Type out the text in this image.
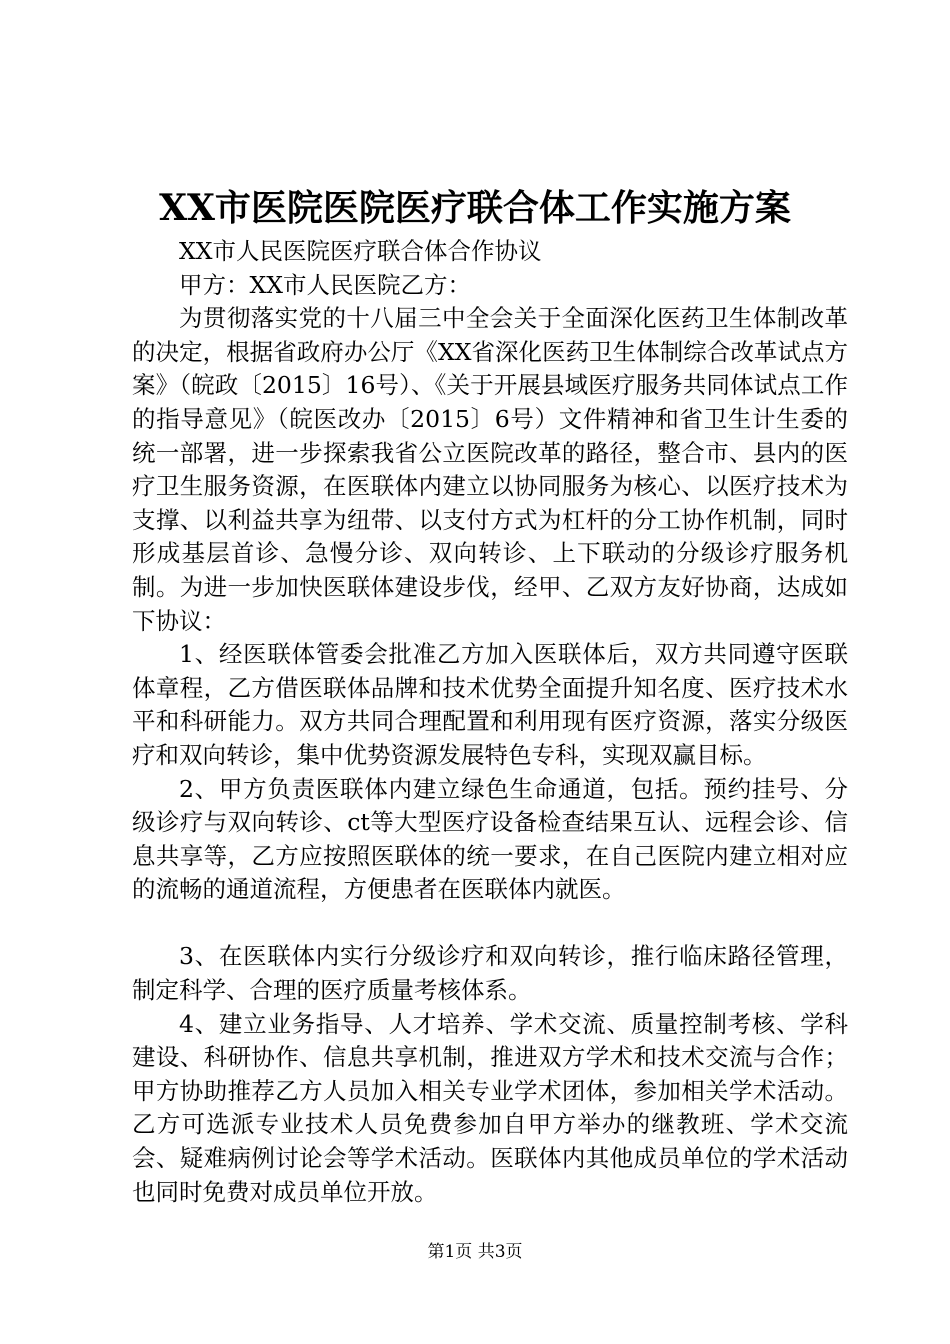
XX市医院医院医疗联合体工作实施方案

XX市人民医院医疗联合体合作协议

甲方：XX市人民医院乙方：

为贯彻落实党的十八届三中全会关于全面深化医药卫生体制改革的决定，根据省政府办公厅《XX省深化医药卫生体制综合改革试点方案》（皖政〔2015〕16号）、《关于开展县域医疗服务共同体试点工作的指导意见》（皖医改办〔2015〕6号）文件精神和省卫生计生委的统一部署，进一步探索我省公立医院改革的路径，整合市、县内的医疗卫生服务资源，在医联体内建立以协同服务为核心、以医疗技术为支撑、以利益共享为纽带、以支付方式为杠杆的分工协作机制，同时形成基层首诊、急慢分诊、双向转诊、上下联动的分级诊疗服务机制。为进一步加快医联体建设步伐，经甲、乙双方友好协商，达成如下协议：

1、经医联体管委会批准乙方加入医联体后，双方共同遵守医联体章程，乙方借医联体品牌和技术优势全面提升知名度、医疗技术水平和科研能力。双方共同合理配置和利用现有医疗资源，落实分级医疗和双向转诊，集中优势资源发展特色专科，实现双赢目标。

2、甲方负责医联体内建立绿色生命通道，包括。预约挂号、分级诊疗与双向转诊、ct等大型医疗设备检查结果互认、远程会诊、信息共享等，乙方应按照医联体的统一要求，在自己医院内建立相对应的流畅的通道流程，方便患者在医联体内就医。

3、在医联体内实行分级诊疗和双向转诊，推行临床路径管理，制定科学、合理的医疗质量考核体系。

4、建立业务指导、人才培养、学术交流、质量控制考核、学科建设、科研协作、信息共享机制，推进双方学术和技术交流与合作；甲方协助推荐乙方人员加入相关专业学术团体，参加相关学术活动。乙方可选派专业技术人员免费参加自甲方举办的继教班、学术交流会、疑难病例讨论会等学术活动。医联体内其他成员单位的学术活动也同时免费对成员单位开放。

第1页 共3页
